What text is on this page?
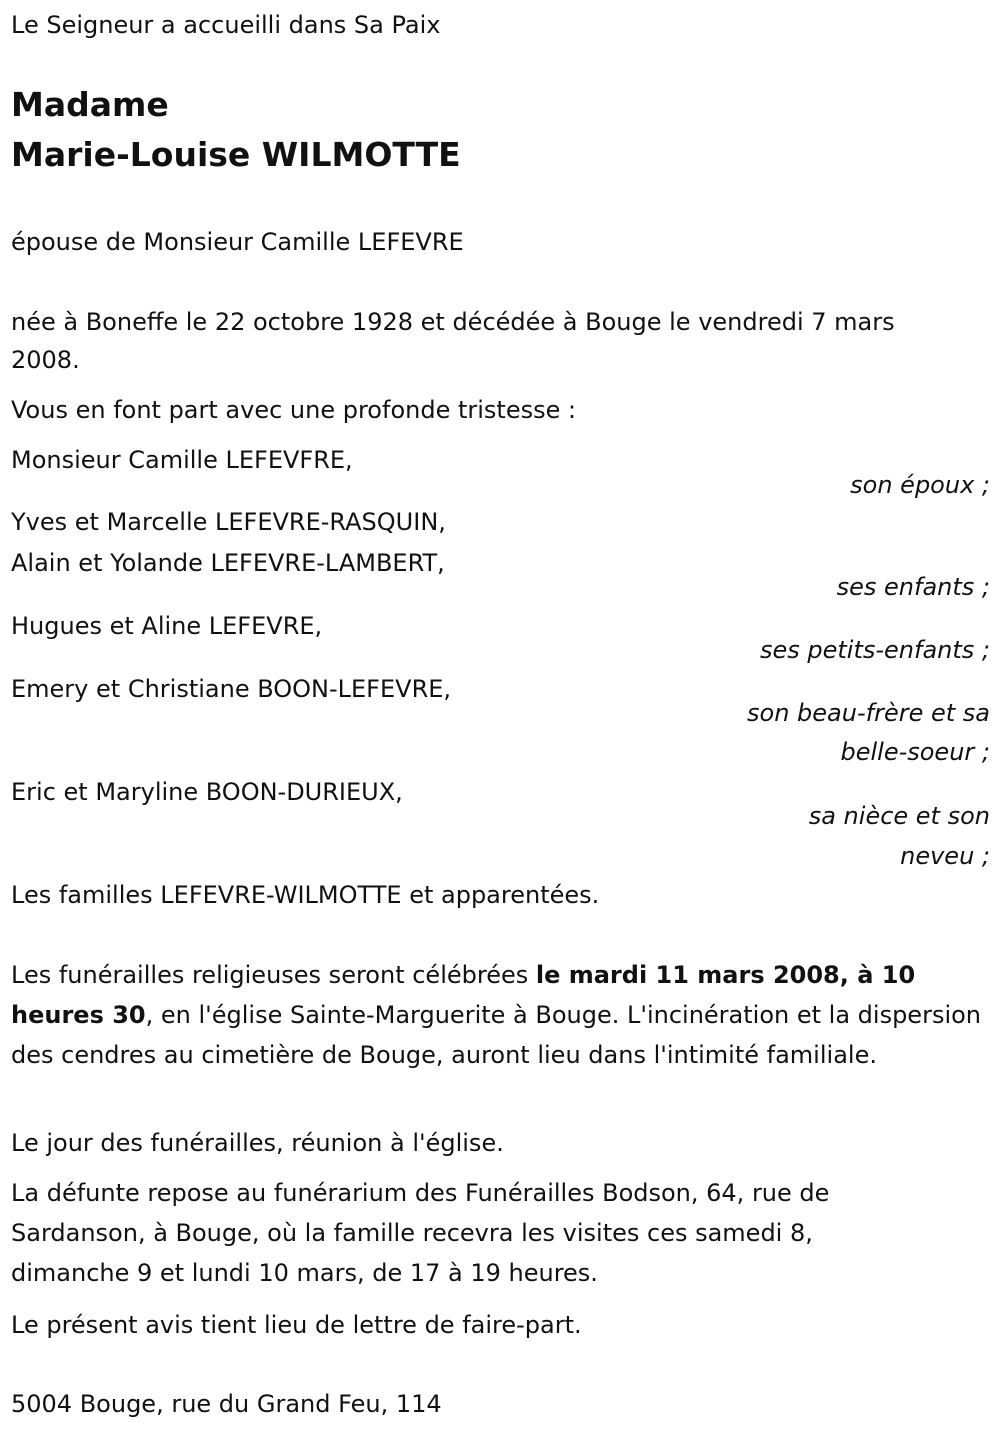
Le Seigneur a accueilli dans Sa Paix
Madame
Marie-Louise WILMOTTE
épouse de Monsieur Camille LEFEVRE
née à Boneffe le 22 octobre 1928 et décédée à Bouge le vendredi 7 mars
2008.
Vous en font part avec une profonde tristesse :
Monsieur Camille LEFEVFRE,
son époux ;
Yves et Marcelle LEFEVRE-RASQUIN,
Alain et Yolande LEFEVRE-LAMBERT,
ses enfants ;
Hugues et Aline LEFEVRE,
ses petits-enfants ;
Emery et Christiane BOON-LEFEVRE,
son beau-frère et sa
belle-soeur ;
Eric et Maryline BOON-DURIEUX,
sa nièce et son
neveu ;
Les familles LEFEVRE-WILMOTTE et apparentées.
Les funérailles religieuses seront célébrées le mardi 11 mars 2008, à 10 heures 30, en l'église Sainte-Marguerite à Bouge. L'incinération et la dispersion des cendres au cimetière de Bouge, auront lieu dans l'intimité familiale.
Le jour des funérailles, réunion à l'église.
La défunte repose au funérarium des Funérailles Bodson, 64, rue de Sardanson, à Bouge, où la famille recevra les visites ces samedi 8, dimanche 9 et lundi 10 mars, de 17 à 19 heures.
Le présent avis tient lieu de lettre de faire-part.
5004 Bouge, rue du Grand Feu, 114
